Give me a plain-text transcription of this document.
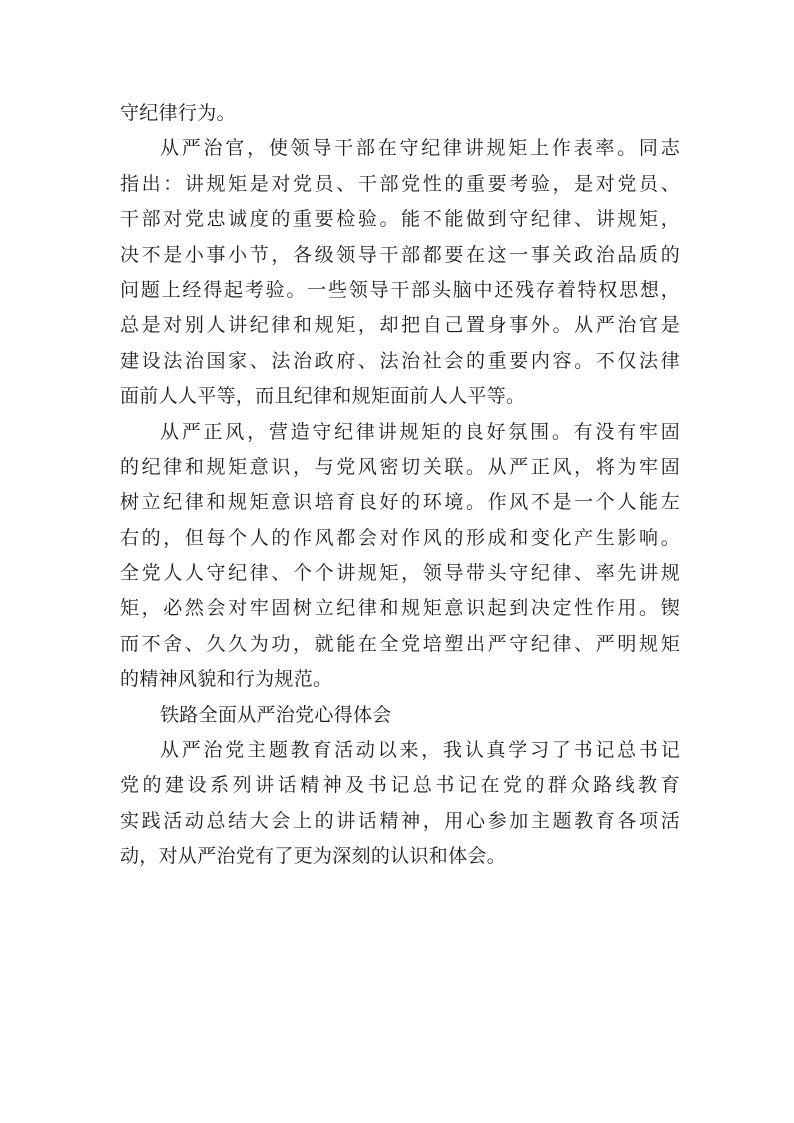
守纪律行为。
从严治官，使领导干部在守纪律讲规矩上作表率。同志
指出：讲规矩是对党员、干部党性的重要考验，是对党员、
干部对党忠诚度的重要检验。能不能做到守纪律、讲规矩，
决不是小事小节，各级领导干部都要在这一事关政治品质的
问题上经得起考验。一些领导干部头脑中还残存着特权思想，
总是对别人讲纪律和规矩，却把自己置身事外。从严治官是
建设法治国家、法治政府、法治社会的重要内容。不仅法律
面前人人平等，而且纪律和规矩面前人人平等。
从严正风，营造守纪律讲规矩的良好氛围。有没有牢固
的纪律和规矩意识，与党风密切关联。从严正风，将为牢固
树立纪律和规矩意识培育良好的环境。作风不是一个人能左
右的，但每个人的作风都会对作风的形成和变化产生影响。
全党人人守纪律、个个讲规矩，领导带头守纪律、率先讲规
矩，必然会对牢固树立纪律和规矩意识起到决定性作用。锲
而不舍、久久为功，就能在全党培塑出严守纪律、严明规矩
的精神风貌和行为规范。
铁路全面从严治党心得体会
从严治党主题教育活动以来，我认真学习了书记总书记
党的建设系列讲话精神及书记总书记在党的群众路线教育
实践活动总结大会上的讲话精神，用心参加主题教育各项活
动，对从严治党有了更为深刻的认识和体会。
